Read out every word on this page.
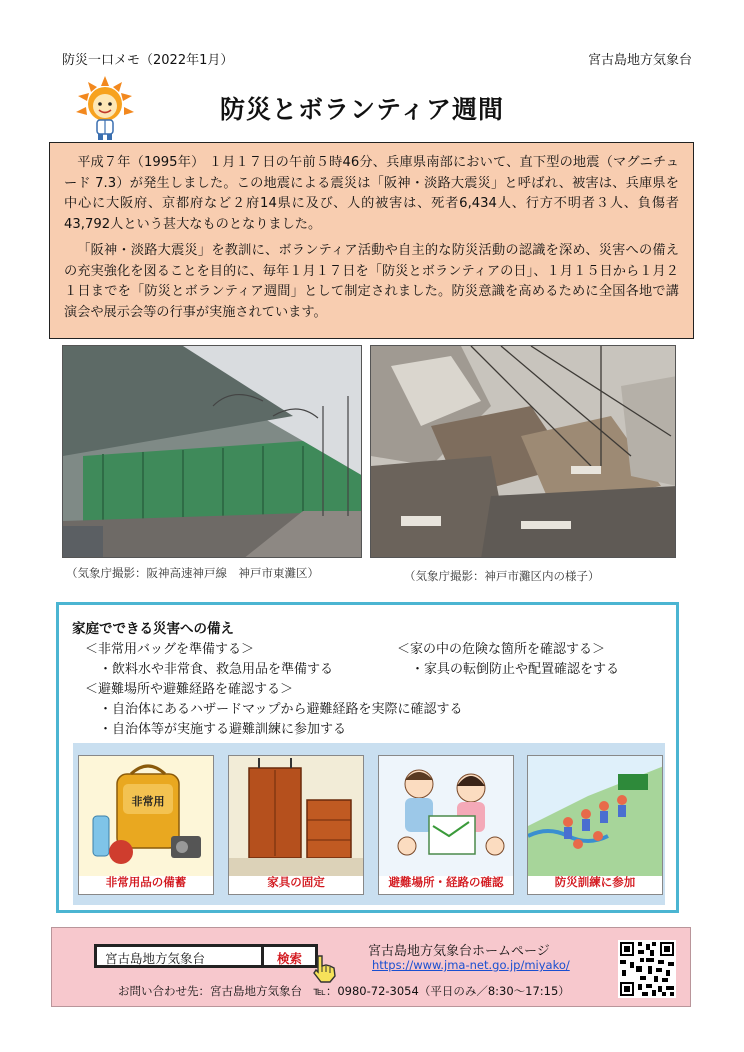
防災一口メモ（2022年1月）	宮古島地方気象台
防災とボランティア週間

平成７年（1995年） １月１７日の午前５時46分、兵庫県南部において、直下型の地震（マグニチュード 7.3）が発生しました。この地震による震災は「阪神・淡路大震災」と呼ばれ、被害は、兵庫県を中心に大阪府、京都府など２府14県に及び、人的被害は、死者6,434人、行方不明者３人、負傷者43,792人という甚大なものとなりました。

「阪神・淡路大震災」を教訓に、ボランティア活動や自主的な防災活動の認識を深め、災害への備えの充実強化を図ることを目的に、毎年１月１７日を「防災とボランティアの日」、１月１５日から１月２１日までを「防災とボランティア週間」として制定されました。防災意識を高めるために全国各地で講演会や展示会等の行事が実施されています。

（気象庁撮影：阪神高速神戸線　神戸市東灘区）	（気象庁撮影：神戸市灘区内の様子）
家庭でできる災害への備え
＜非常用バッグを準備する＞
・飲料水や非常食、救急用品を準備する
＜避難場所や避難経路を確認する＞
・自治体にあるハザードマップから避難経路を実際に確認する
・自治体等が実施する避難訓練に参加する
＜家の中の危険な箇所を確認する＞
・家具の転倒防止や配置確認をする
非常用
非常用品の備蓄	家具の固定	避難場所・経路の確認	防災訓練に参加
宮古島地方気象台	検索	宮古島地方気象台ホームページ
https://www.jma-net.go.jp/miyako/
お問い合わせ先：宮古島地方気象台　℡：0980-72-3054（平日のみ／8:30～17:15）
